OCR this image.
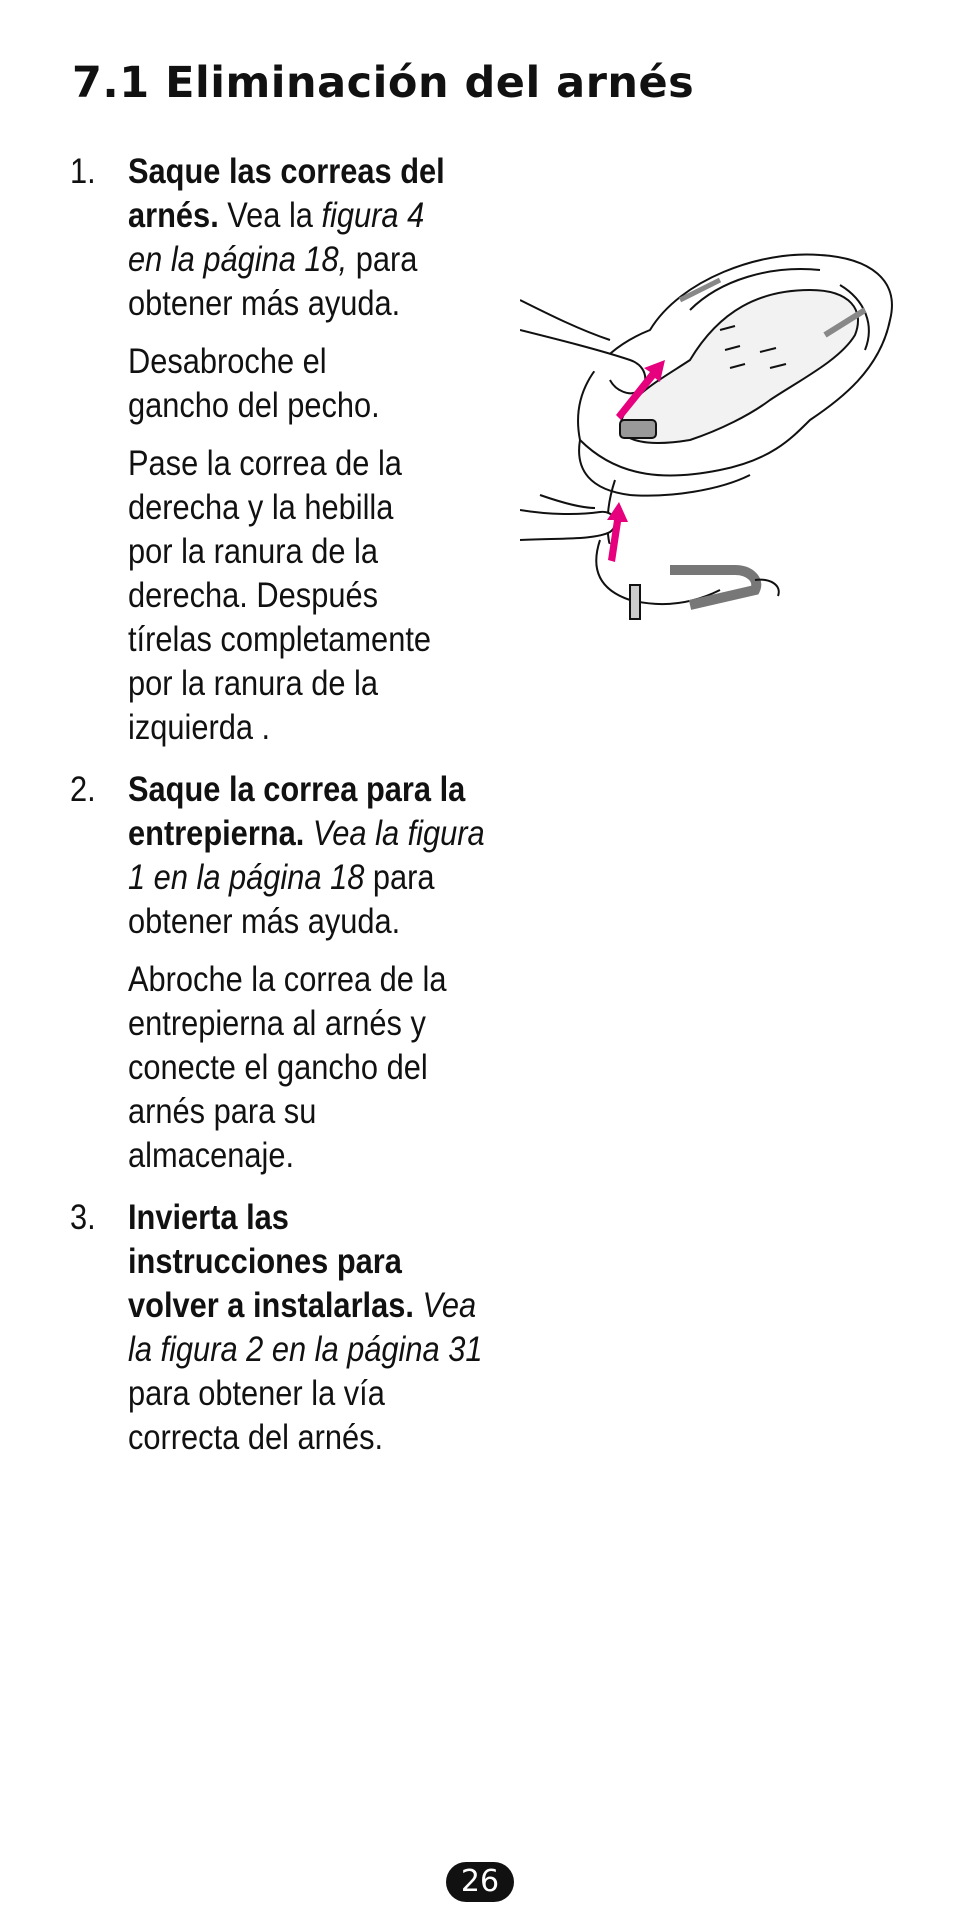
7.1 Eliminación del arnés
1. Saque las correas del arnés. Vea la figura 4 en la página 18, para obtener más ayuda.

Desabroche el gancho del pecho.

Pase la correa de la derecha y la hebilla por la ranura de la derecha. Después tírelas completamente por la ranura de la izquierda .

2. Saque la correa para la entrepierna. Vea la figura 1 en la página 18 para obtener más ayuda.

Abroche la correa de la entrepierna al arnés y conecte el gancho del arnés para su almacenaje.

3. Invierta las instrucciones para volver a instalarlas. Vea la figura 2 en la página 31 para obtener la vía correcta del arnés.

26
